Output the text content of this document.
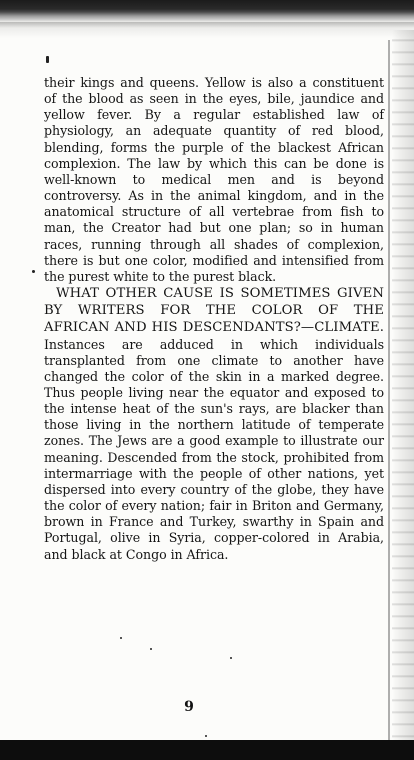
their kings and queens. Yellow is also a constituent of the blood as seen in the eyes, bile, jaundice and yellow fever. By a regular established law of physiology, an adequate quantity of red blood, blending, forms the purple of the blackest African complexion. The law by which this can be done is well-known to medical men and is beyond controversy. As in the animal kingdom, and in the anatomical structure of all vertebrae from fish to man, the Creator had but one plan; so in human races, running through all shades of complexion, there is but one color, modified and intensified from the purest white to the purest black.

WHAT OTHER CAUSE IS SOMETIMES GIVEN BY WRITERS FOR THE COLOR OF THE AFRICAN AND HIS DESCENDANTS?—CLIMATE. Instances are adduced in which individuals transplanted from one climate to another have changed the color of the skin in a marked degree. Thus people living near the equator and exposed to the intense heat of the sun's rays, are blacker than those living in the northern latitude of temperate zones. The Jews are a good example to illustrate our meaning. Descended from the stock, prohibited from intermarriage with the people of other nations, yet dispersed into every country of the globe, they have the color of every nation; fair in Briton and Germany, brown in France and Turkey, swarthy in Spain and Portugal, olive in Syria, copper-colored in Arabia, and black at Congo in Africa.

9
